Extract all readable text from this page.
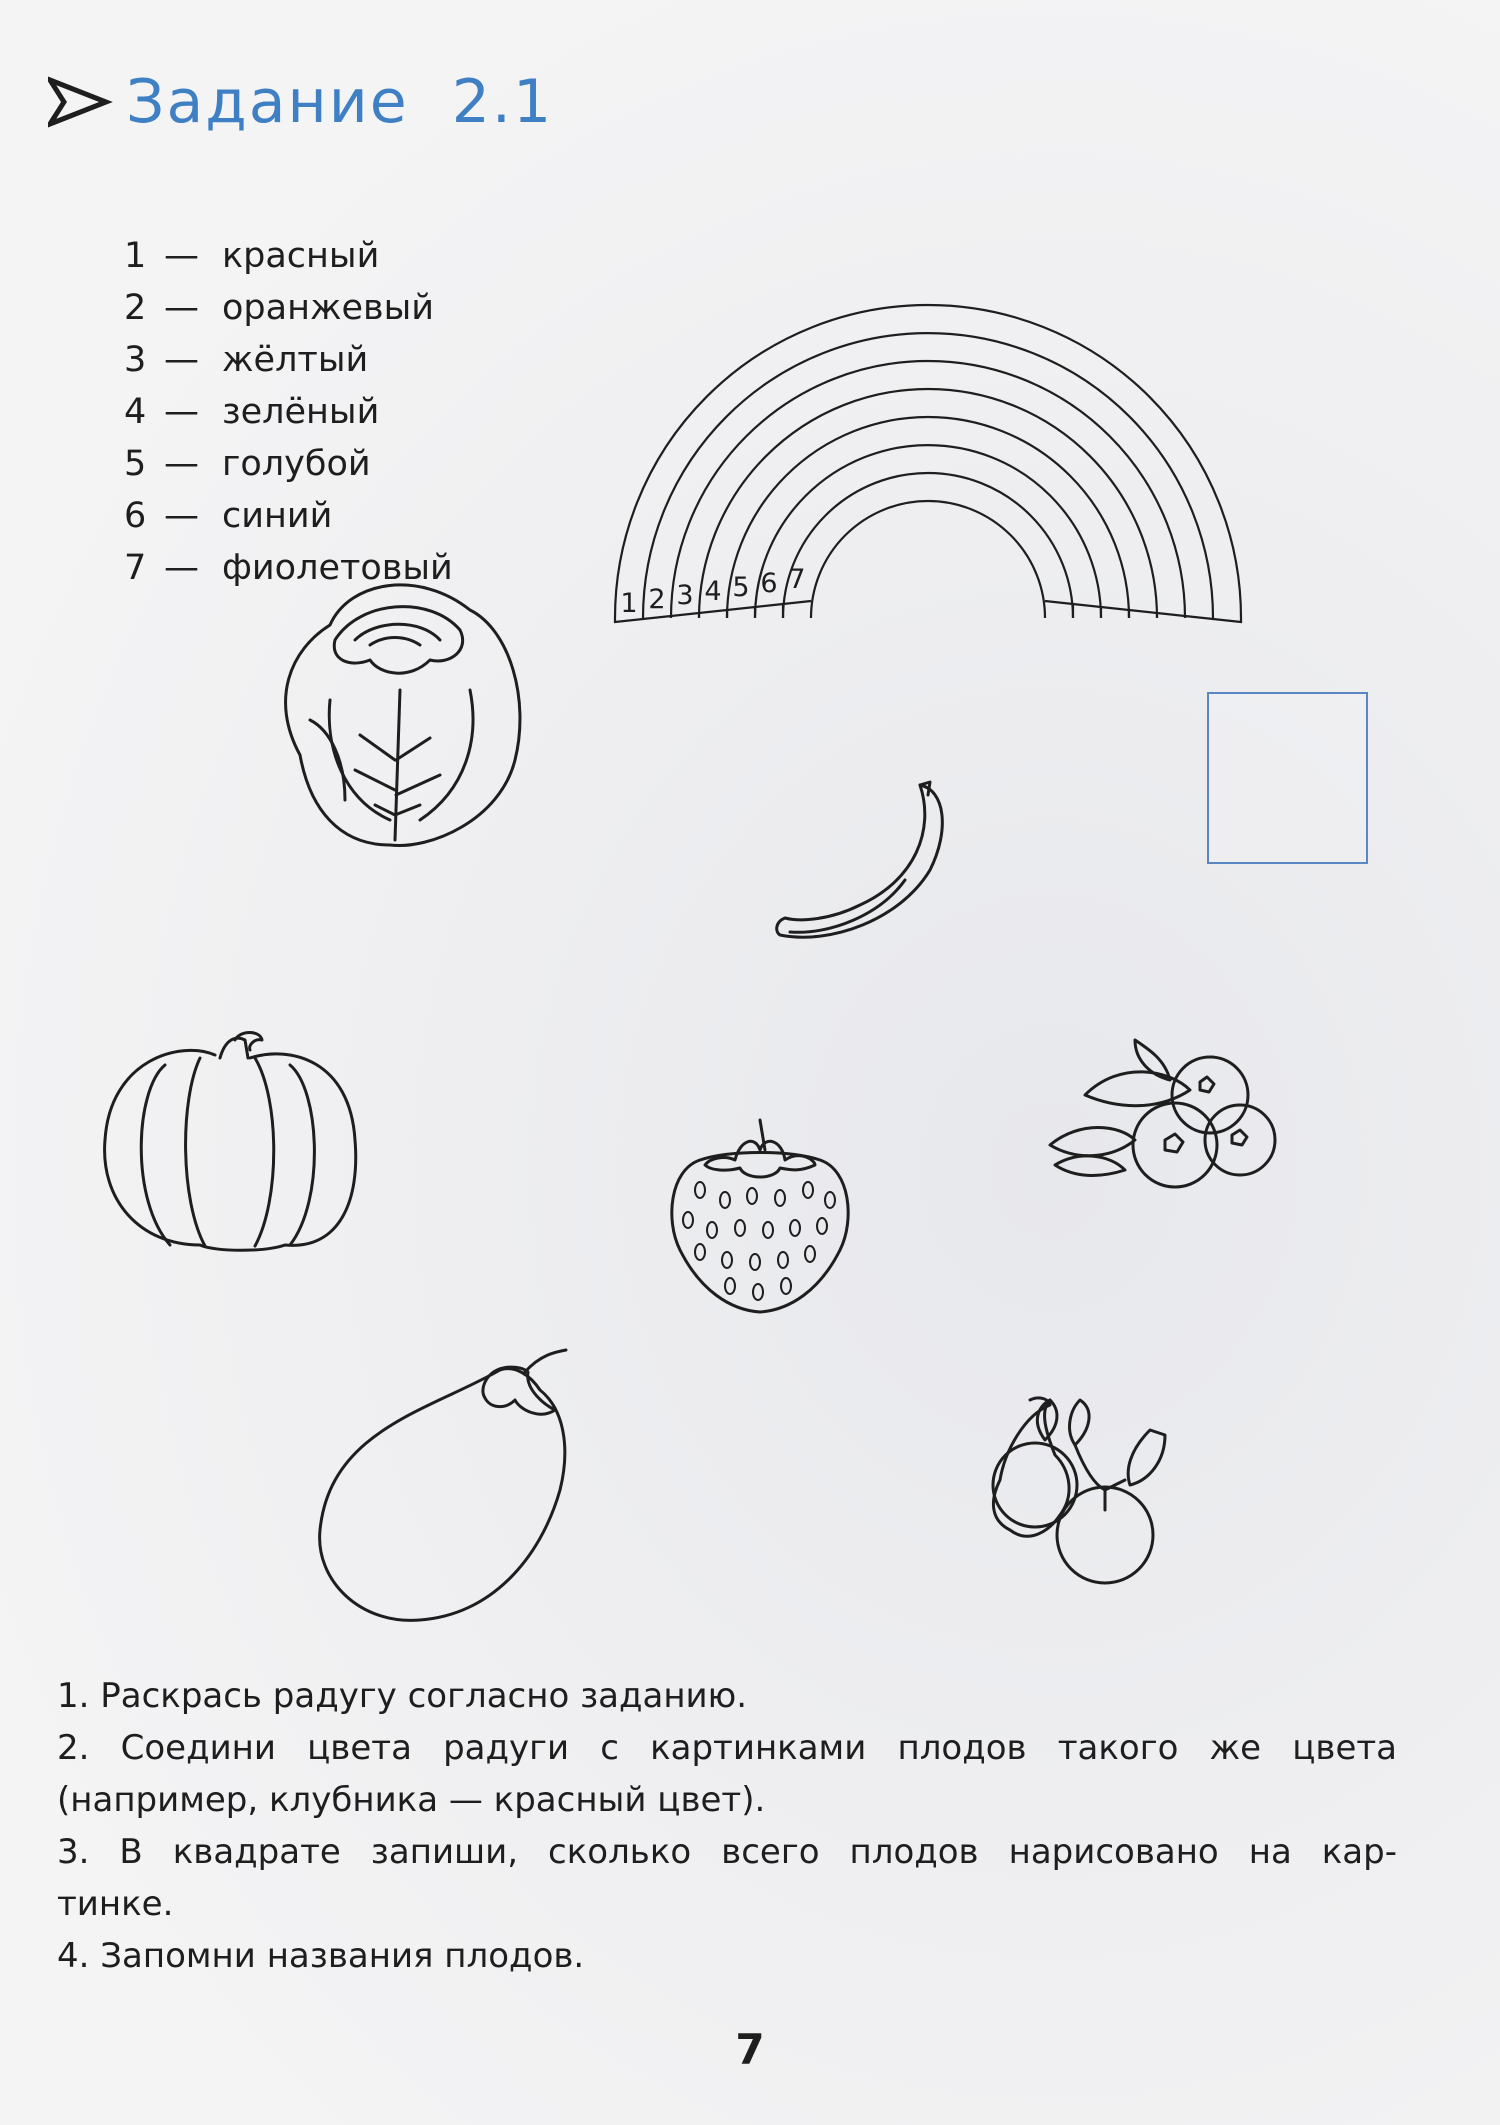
Задание 2.1
1 — красный
2 — оранжевый
3 — жёлтый
4 — зелёный
5 — голубой
6 — синий
7 — фиолетовый
1 2 3 4 5 6 7
1. Раскрась радугу согласно заданию.
2. Соедини цвета радуги с картинками плодов такого же цвета
(например, клубника — красный цвет).
3. В квадрате запиши, сколько всего плодов нарисовано на кар-
тинке.
4. Запомни названия плодов.
7
